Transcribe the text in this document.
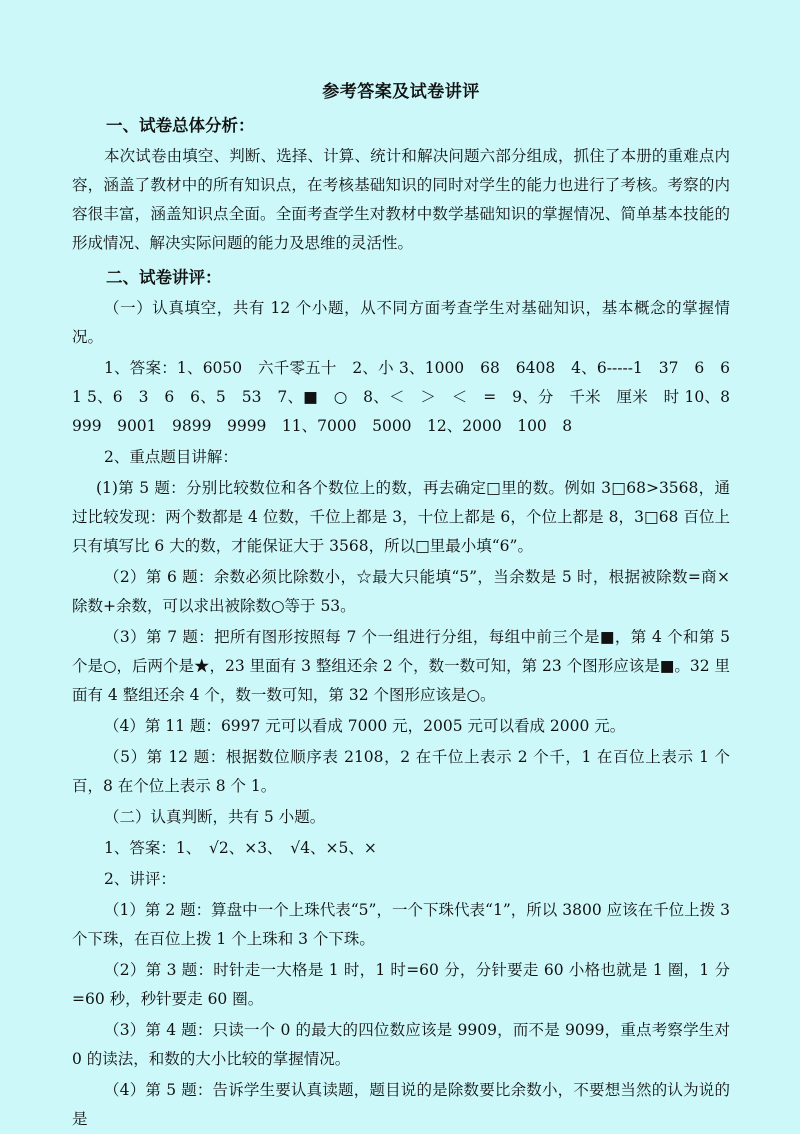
参考答案及试卷讲评
一、试卷总体分析：

本次试卷由填空、判断、选择、计算、统计和解决问题六部分组成，抓住了本册的重难点内容，涵盖了教材中的所有知识点，在考核基础知识的同时对学生的能力也进行了考核。考察的内容很丰富，涵盖知识点全面。全面考查学生对教材中数学基础知识的掌握情况、简单基本技能的形成情况、解决实际问题的能力及思维的灵活性。

二、试卷讲评：

（一）认真填空，共有 12 个小题，从不同方面考查学生对基础知识，基本概念的掌握情况。

1、答案：1、6050　六千零五十　2、小 3、1000　68　6408　4、6-----1　37　6　6　1 5、6　3　6　6、5　53　7、■　○　8、＜　＞　＜　=　9、分　千米　厘米　时 10、8999　9001　9899　9999　11、7000　5000　12、2000　100　8

2、重点题目讲解：

(1)第 5 题：分别比较数位和各个数位上的数，再去确定□里的数。例如 3□68>3568，通过比较发现：两个数都是 4 位数，千位上都是 3，十位上都是 6，个位上都是 8，3□68 百位上只有填写比 6 大的数，才能保证大于 3568，所以□里最小填“6”。

（2）第 6 题：余数必须比除数小，☆最大只能填“5”，当余数是 5 时，根据被除数=商×除数+余数，可以求出被除数○等于 53。

（3）第 7 题：把所有图形按照每 7 个一组进行分组，每组中前三个是■，第 4 个和第 5 个是○，后两个是★，23 里面有 3 整组还余 2 个，数一数可知，第 23 个图形应该是■。32 里面有 4 整组还余 4 个，数一数可知，第 32 个图形应该是○。

（4）第 11 题：6997 元可以看成 7000 元，2005 元可以看成 2000 元。

（5）第 12 题：根据数位顺序表 2108，2 在千位上表示 2 个千，1 在百位上表示 1 个百，8 在个位上表示 8 个 1。

（二）认真判断，共有 5 小题。

1、答案：1、　√2、×3、　√4、×5、×

2、讲评：

（1）第 2 题：算盘中一个上珠代表“5”，一个下珠代表“1”，所以 3800 应该在千位上拨 3 个下珠，在百位上拨 1 个上珠和 3 个下珠。

（2）第 3 题：时针走一大格是 1 时，1 时=60 分，分针要走 60 小格也就是 1 圈，1 分=60 秒，秒针要走 60 圈。

（3）第 4 题：只读一个 0 的最大的四位数应该是 9909，而不是 9099，重点考察学生对 0 的读法，和数的大小比较的掌握情况。

（4）第 5 题：告诉学生要认真读题，题目说的是除数要比余数小，不要想当然的认为说的是
